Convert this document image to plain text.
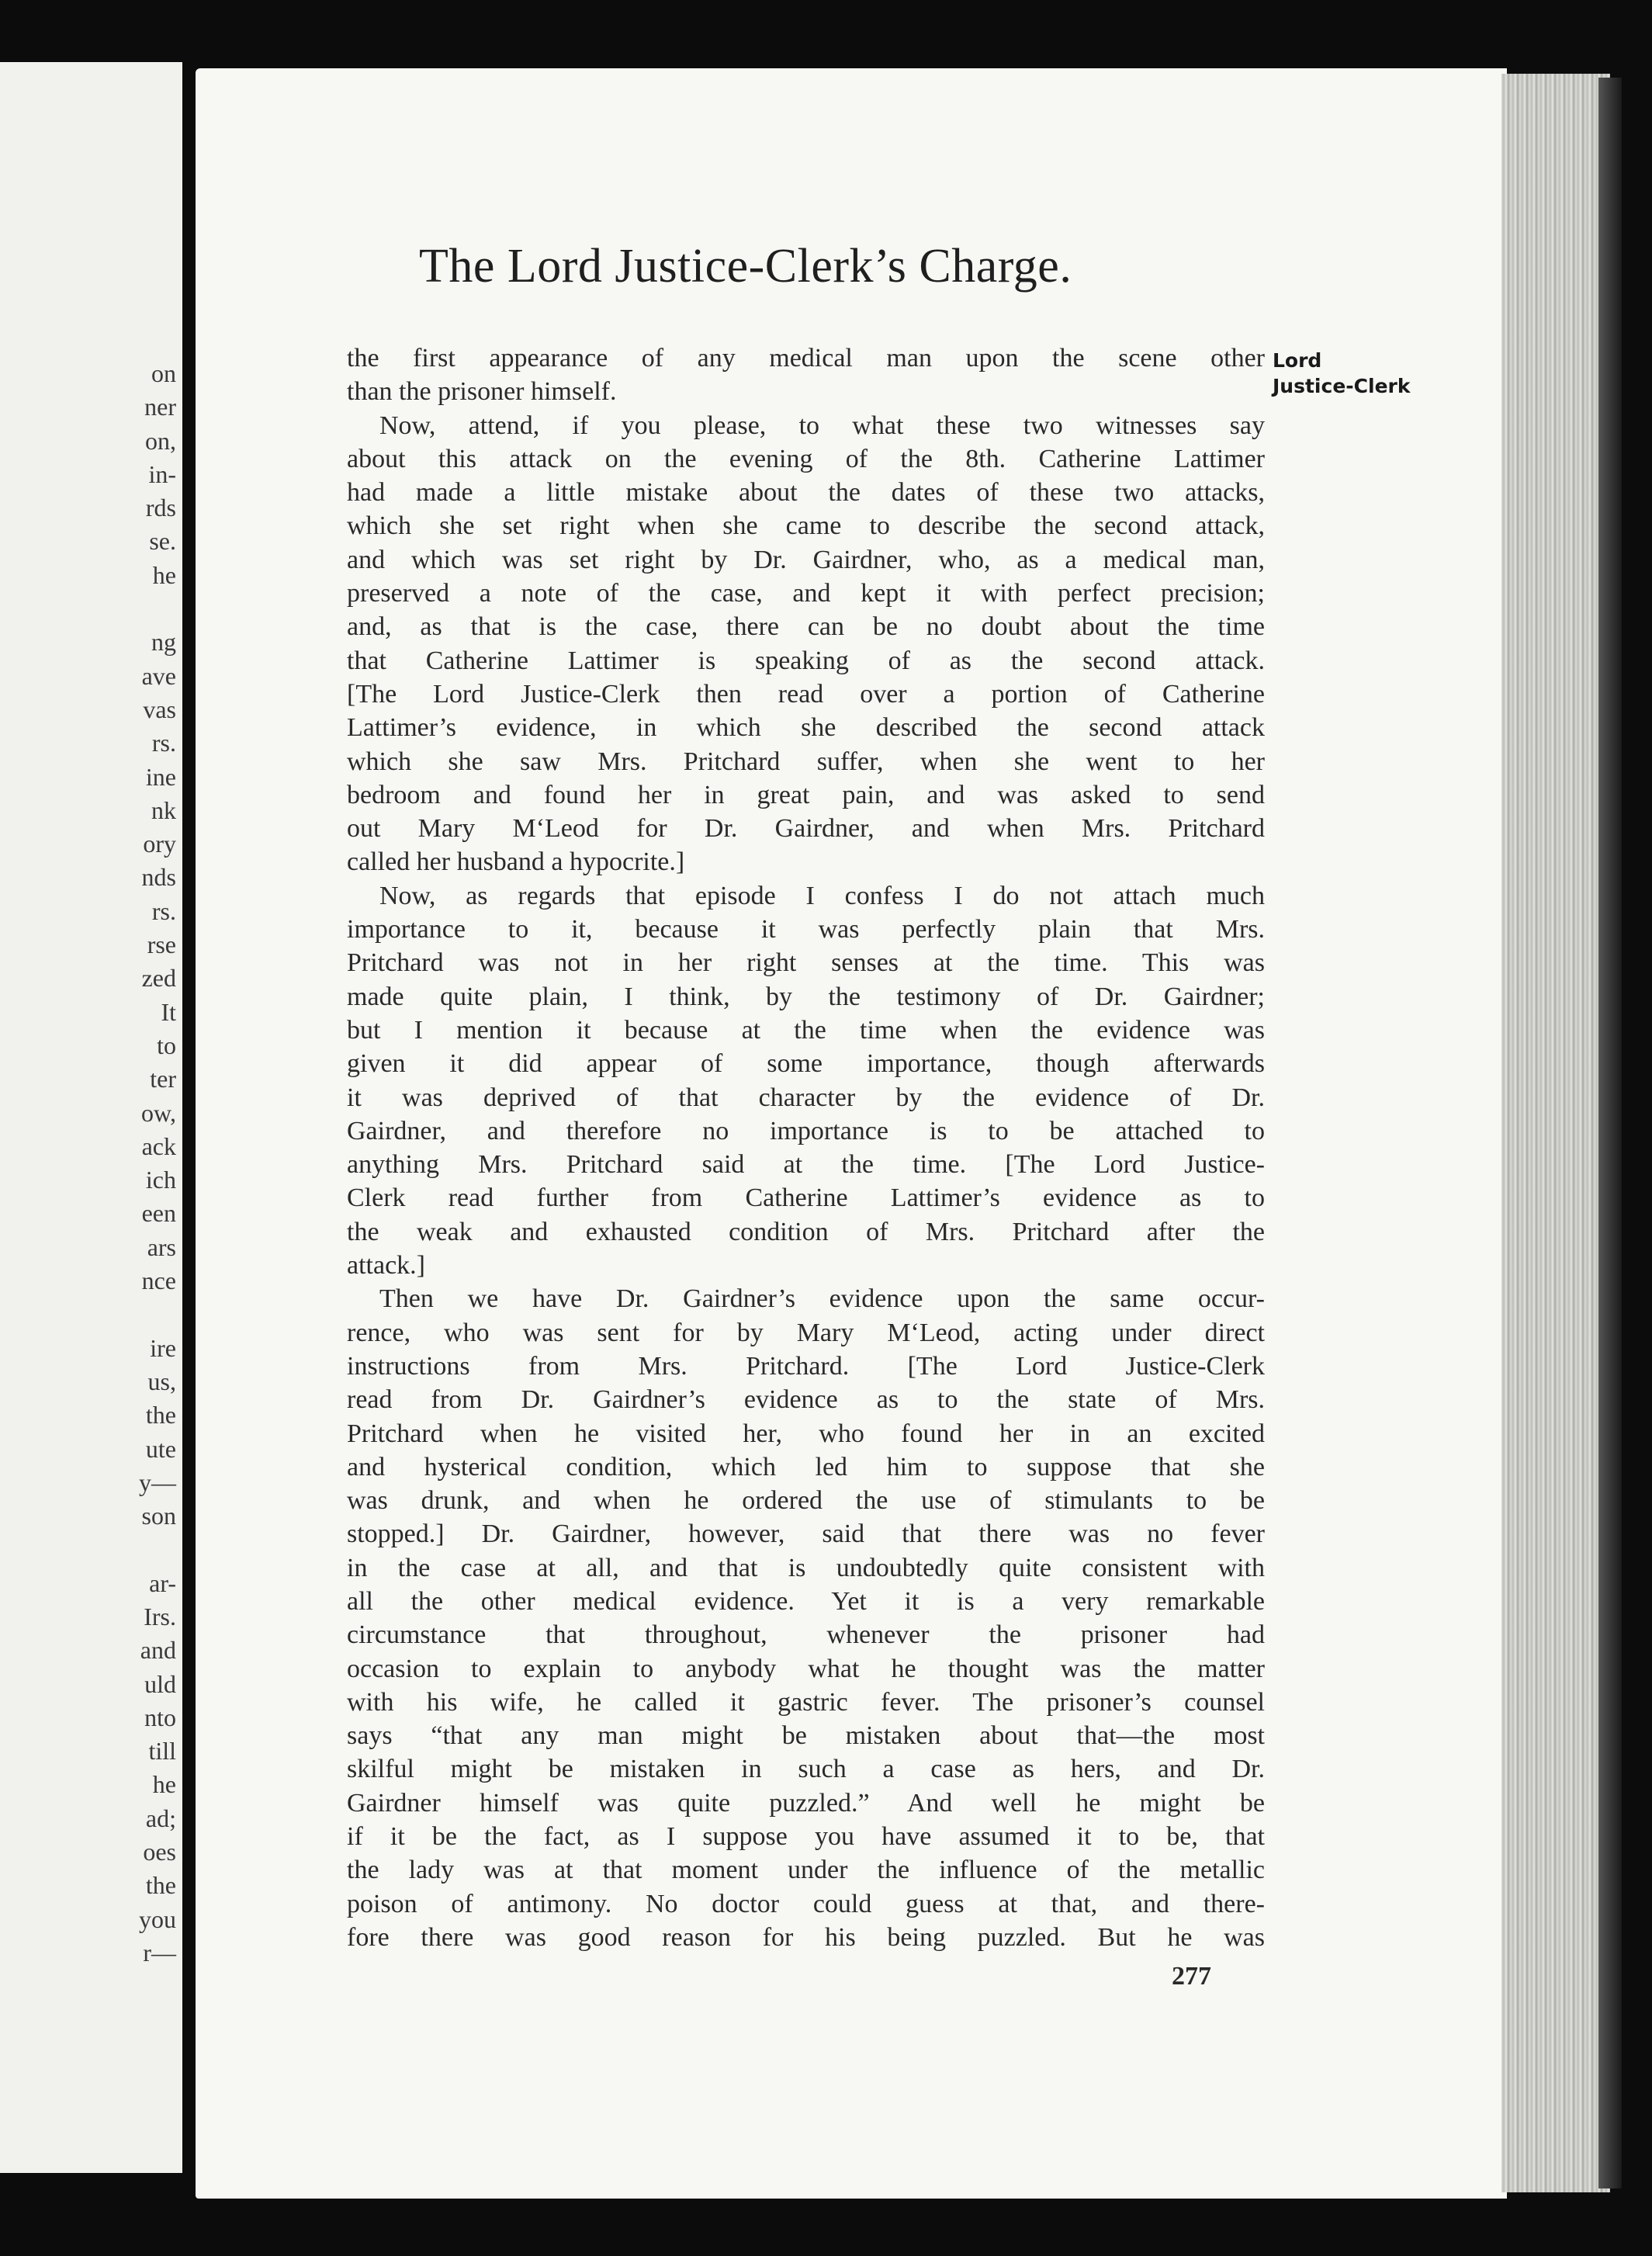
on
ner
on,
in-
rds
se.
he
ng
ave
vas
rs.
ine
nk
ory
nds
rs.
rse
zed
It
to
ter
ow,
ack
ich
een
ars
nce
ire
us,
the
ute
y—
son
ar-
Irs.
and
uld
nto
till
he
ad;
oes
the
you
r—
The Lord Justice-Clerk’s Charge.
Lord
Justice-Clerk
the first appearance of any medical man upon the scene other
than the prisoner himself.
Now, attend, if you please, to what these two witnesses say
about this attack on the evening of the 8th. Catherine Lattimer
had made a little mistake about the dates of these two attacks,
which she set right when she came to describe the second attack,
and which was set right by Dr. Gairdner, who, as a medical man,
preserved a note of the case, and kept it with perfect precision;
and, as that is the case, there can be no doubt about the time
that Catherine Lattimer is speaking of as the second attack.
[The Lord Justice-Clerk then read over a portion of Catherine
Lattimer’s evidence, in which she described the second attack
which she saw Mrs. Pritchard suffer, when she went to her
bedroom and found her in great pain, and was asked to send
out Mary M‘Leod for Dr. Gairdner, and when Mrs. Pritchard
called her husband a hypocrite.]
Now, as regards that episode I confess I do not attach much
importance to it, because it was perfectly plain that Mrs.
Pritchard was not in her right senses at the time. This was
made quite plain, I think, by the testimony of Dr. Gairdner;
but I mention it because at the time when the evidence was
given it did appear of some importance, though afterwards
it was deprived of that character by the evidence of Dr.
Gairdner, and therefore no importance is to be attached to
anything Mrs. Pritchard said at the time. [The Lord Justice-
Clerk read further from Catherine Lattimer’s evidence as to
the weak and exhausted condition of Mrs. Pritchard after the
attack.]
Then we have Dr. Gairdner’s evidence upon the same occur-
rence, who was sent for by Mary M‘Leod, acting under direct
instructions from Mrs. Pritchard. [The Lord Justice-Clerk
read from Dr. Gairdner’s evidence as to the state of Mrs.
Pritchard when he visited her, who found her in an excited
and hysterical condition, which led him to suppose that she
was drunk, and when he ordered the use of stimulants to be
stopped.] Dr. Gairdner, however, said that there was no fever
in the case at all, and that is undoubtedly quite consistent with
all the other medical evidence. Yet it is a very remarkable
circumstance that throughout, whenever the prisoner had
occasion to explain to anybody what he thought was the matter
with his wife, he called it gastric fever. The prisoner’s counsel
says “that any man might be mistaken about that—the most
skilful might be mistaken in such a case as hers, and Dr.
Gairdner himself was quite puzzled.” And well he might be
if it be the fact, as I suppose you have assumed it to be, that
the lady was at that moment under the influence of the metallic
poison of antimony. No doctor could guess at that, and there-
fore there was good reason for his being puzzled. But he was
277
